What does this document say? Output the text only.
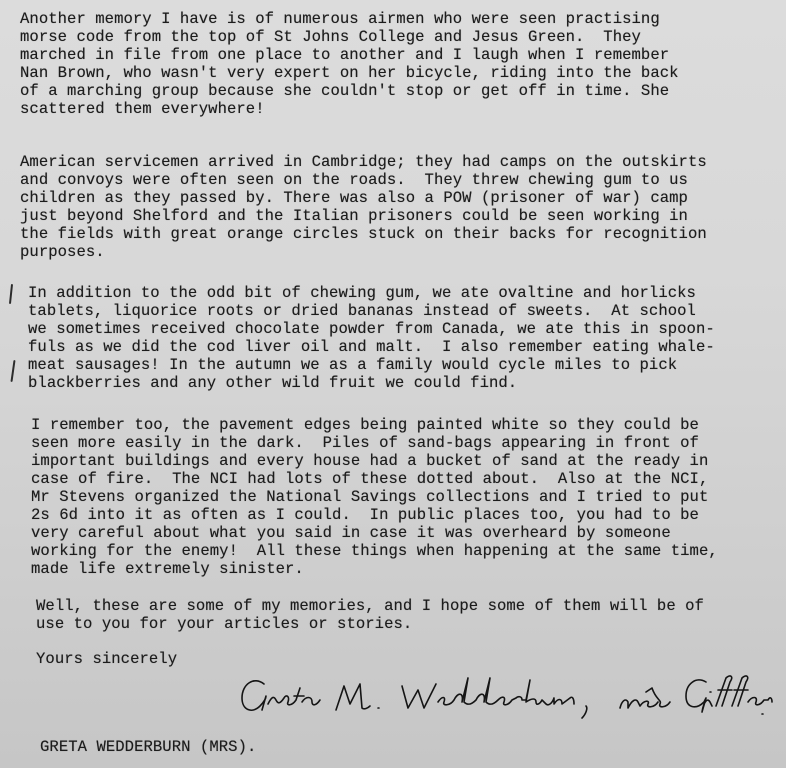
Another memory I have is of numerous airmen who were seen practising
morse code from the top of St Johns College and Jesus Green.  They
marched in file from one place to another and I laugh when I remember
Nan Brown, who wasn't very expert on her bicycle, riding into the back
of a marching group because she couldn't stop or get off in time. She
scattered them everywhere!
American servicemen arrived in Cambridge; they had camps on the outskirts
and convoys were often seen on the roads.  They threw chewing gum to us
children as they passed by. There was also a POW (prisoner of war) camp
just beyond Shelford and the Italian prisoners could be seen working in
the fields with great orange circles stuck on their backs for recognition
purposes.
In addition to the odd bit of chewing gum, we ate ovaltine and horlicks
tablets, liquorice roots or dried bananas instead of sweets.  At school
we sometimes received chocolate powder from Canada, we ate this in spoon-
fuls as we did the cod liver oil and malt.  I also remember eating whale-
meat sausages! In the autumn we as a family would cycle miles to pick
blackberries and any other wild fruit we could find.
I remember too, the pavement edges being painted white so they could be
seen more easily in the dark.  Piles of sand-bags appearing in front of
important buildings and every house had a bucket of sand at the ready in
case of fire.  The NCI had lots of these dotted about.  Also at the NCI,
Mr Stevens organized the National Savings collections and I tried to put
2s 6d into it as often as I could.  In public places too, you had to be
very careful about what you said in case it was overheard by someone
working for the enemy!  All these things when happening at the same time,
made life extremely sinister.
Well, these are some of my memories, and I hope some of them will be of
use to you for your articles or stories.
Yours sincerely
GRETA WEDDERBURN (MRS).
